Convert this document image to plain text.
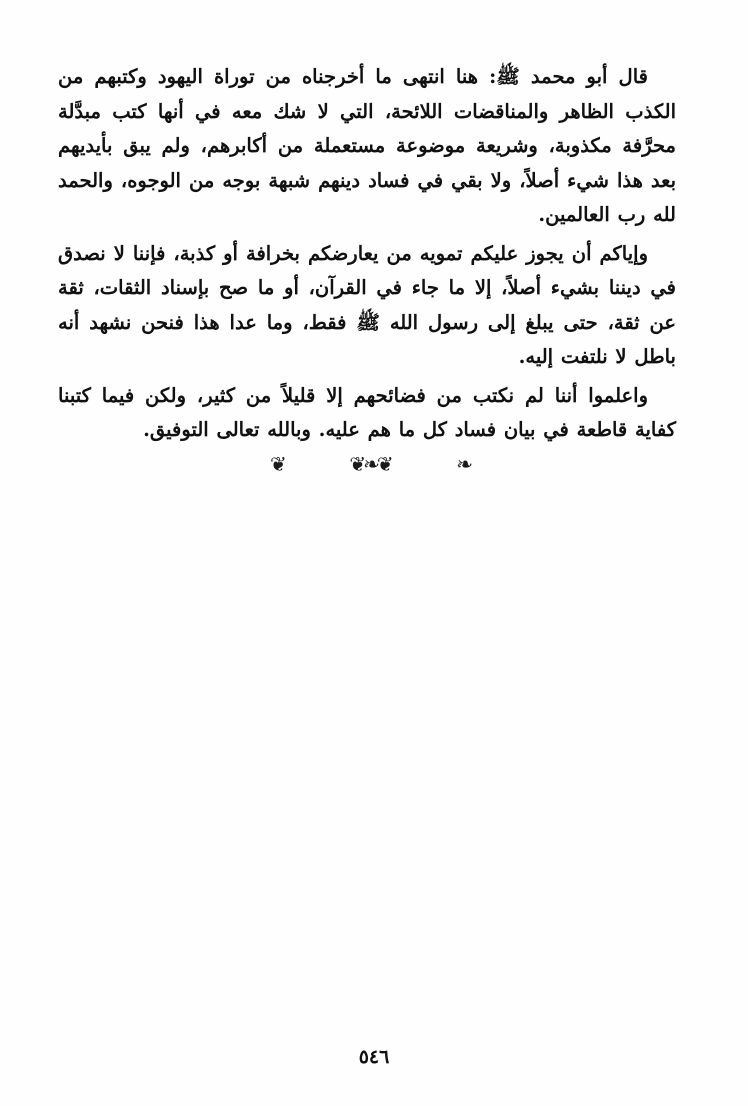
قال أبو محمد ﷺ: هنا انتهى ما أخرجناه من توراة اليهود وكتبهم من الكذب الظاهر والمناقضات اللائحة، التي لا شك معه في أنها كتب مبدَّلة محرَّفة مكذوبة، وشريعة موضوعة مستعملة من أكابرهم، ولم يبق بأيديهم بعد هذا شيء أصلاً، ولا بقي في فساد دينهم شبهة بوجه من الوجوه، والحمد لله رب العالمين.

وإياكم أن يجوز عليكم تمويه من يعارضكم بخرافة أو كذبة، فإننا لا نصدق في ديننا بشيء أصلاً، إلا ما جاء في القرآن، أو ما صح بإسناد الثقات، ثقة عن ثقة، حتى يبلغ إلى رسول الله ﷺ فقط، وما عدا هذا فنحن نشهد أنه باطل لا نلتفت إليه.

واعلموا أننا لم نكتب من فضائحهم إلا قليلاً من كثير، ولكن فيما كتبنا كفاية قاطعة في بيان فساد كل ما هم عليه. وبالله تعالى التوفيق.

❦	❦❧❦	❧
٥٤٦
